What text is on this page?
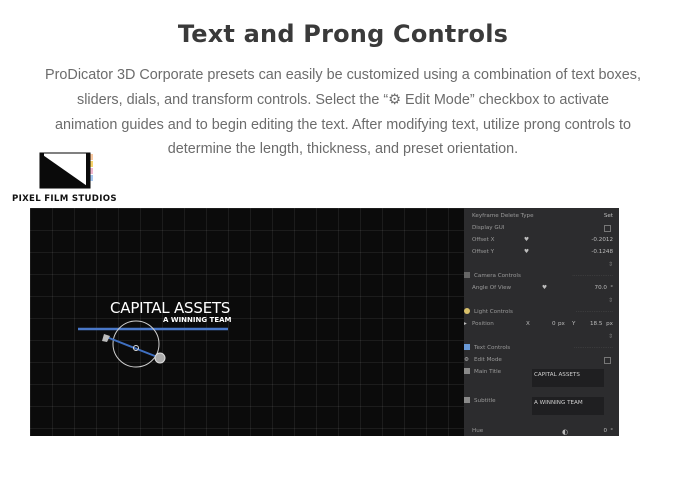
Text and Prong Controls
ProDicator 3D Corporate presets can easily be customized using a combination of text boxes,
sliders, dials, and transform controls. Select the “⚙︎ Edit Mode” checkbox to activate
animation guides and to begin editing the text. After modifying text, utilize prong controls to
determine the length, thickness, and preset orientation.
PIXEL FILM STUDIOS
CAPITAL ASSETS
A WINNING TEAM
Keyframe Delete Type	Set
Display GUI
Offset X	♥	-0.2012
Offset Y	♥	-0.1248
⇕
Camera Controls	·······················
Angle Of View	♥	70.0 °
⇕
Light Controls	·····················
▸ Position	X	0 px Y	18.5 px
⇕
Text Controls	······················
⚙ Edit Mode
Main Title	CAPITAL ASSETS
Subtitle	A WINNING TEAM
Hue	◐	0 °
